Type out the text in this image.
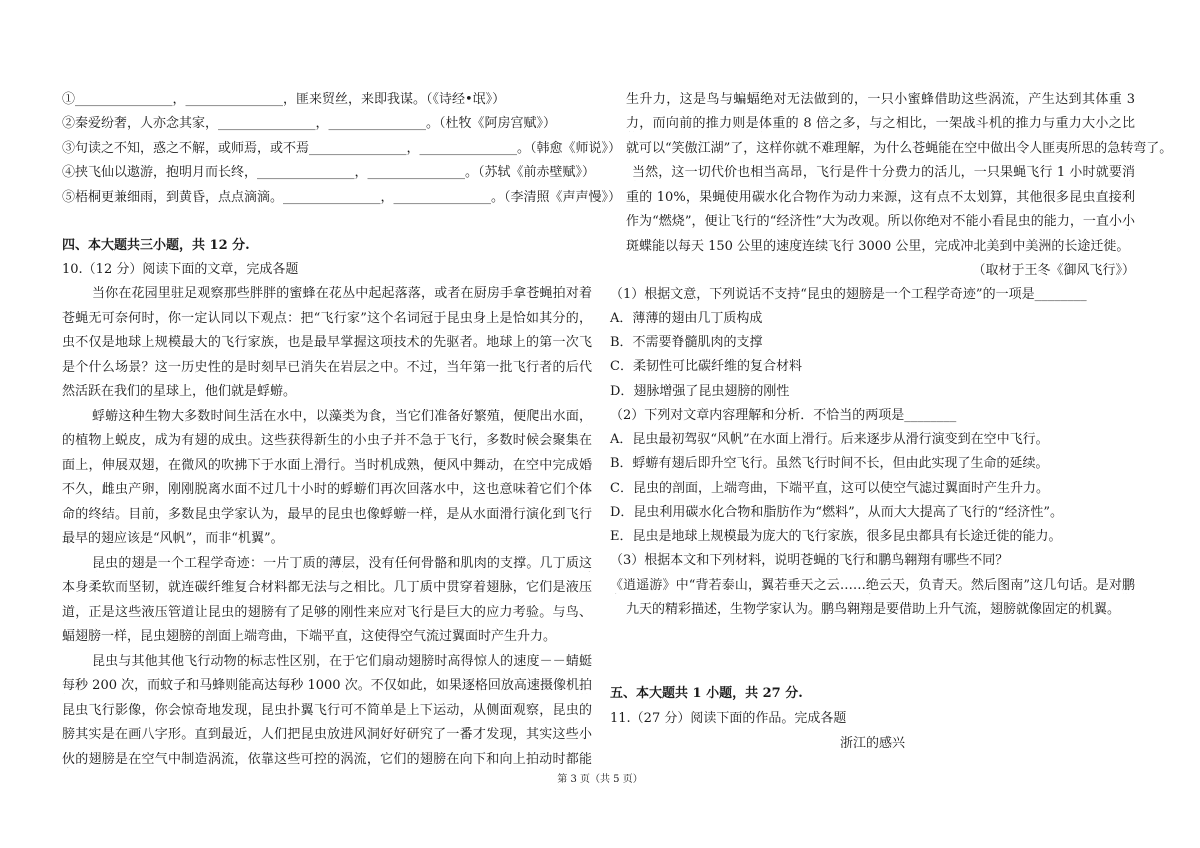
①_______________，_______________，匪来贸丝，来即我谋。（《诗经•氓》）
②秦爱纷奢，人亦念其家，_______________，_______________。（杜牧《阿房宫赋》）
③句读之不知，惑之不解，或师焉，或不焉_______________，_______________。（韩愈《师说》）
④挟飞仙以遨游，抱明月而长终，_______________，_______________。（苏轼《前赤壁赋》）
⑤梧桐更兼细雨，到黄昏，点点滴滴。_______________，_______________。（李清照《声声慢》）
四、本大题共三小题，共 12 分.
10.（12 分）阅读下面的文章，完成各题
当你在花园里驻足观察那些胖胖的蜜蜂在花丛中起起落落，或者在厨房手拿苍蝇拍对着
苍蝇无可奈何时，你一定认同以下观点：把“飞行家”这个名词冠于昆虫身上是恰如其分的，
虫不仅是地球上规模最大的飞行家族，也是最早掌握这项技术的先驱者。地球上的第一次飞
是个什么场景？这一历史性的是时刻早已消失在岩层之中。不过，当年第一批飞行者的后代
然活跃在我们的星球上，他们就是蜉蝣。
蜉蝣这种生物大多数时间生活在水中，以藻类为食，当它们准备好繁殖，便爬出水面，
的植物上蜕皮，成为有翅的成虫。这些获得新生的小虫子并不急于飞行，多数时候会聚集在
面上，伸展双翅，在微风的吹拂下于水面上滑行。当时机成熟，便风中舞动，在空中完成婚
不久，雌虫产卵，刚刚脱离水面不过几十小时的蜉蝣们再次回落水中，这也意味着它们个体
命的终结。目前，多数昆虫学家认为，最早的昆虫也像蜉蝣一样，是从水面滑行演化到飞行
最早的翅应该是“风帆”，而非“机翼”。
昆虫的翅是一个工程学奇迹：一片丁质的薄层，没有任何骨骼和肌肉的支撑。几丁质这
本身柔软而坚韧，就连碳纤维复合材料都无法与之相比。几丁质中贯穿着翅脉，它们是液压
道，正是这些液压管道让昆虫的翅膀有了足够的刚性来应对飞行是巨大的应力考验。与鸟、
蝠翅膀一样，昆虫翅膀的剖面上端弯曲，下端平直，这使得空气流过翼面时产生升力。
昆虫与其他其他飞行动物的标志性区别，在于它们扇动翅膀时高得惊人的速度－－蜻蜓
每秒 200 次，而蚊子和马蜂则能高达每秒 1000 次。不仅如此，如果逐格回放高速摄像机拍
昆虫飞行影像，你会惊奇地发现，昆虫扑翼飞行可不简单是上下运动，从侧面观察，昆虫的
膀其实是在画八字形。直到最近，人们把昆虫放进风洞好好研究了一番才发现，其实这些小
伙的翅膀是在空气中制造涡流，依靠这些可控的涡流，它们的翅膀在向下和向上拍动时都能
生升力，这是鸟与蝙蝠绝对无法做到的，一只小蜜蜂借助这些涡流，产生达到其体重 3
力，而向前的推力则是体重的 8 倍之多，与之相比，一架战斗机的推力与重力大小之比
就可以“笑傲江湖”了，这样你就不难理解，为什么苍蝇能在空中做出令人匪夷所思的急转弯了。
当然，这一切代价也相当高昂，飞行是件十分费力的活儿，一只果蝇飞行 1 小时就要消
重的 10%，果蝇使用碳水化合物作为动力来源，这有点不太划算，其他很多昆虫直接利
作为“燃烧”，便让飞行的“经济性”大为改观。所以你绝对不能小看昆虫的能力，一直小小
斑蝶能以每天 150 公里的速度连续飞行 3000 公里，完成冲北美到中美洲的长途迁徙。
（取材于王冬《御风飞行》）
（1）根据文意，下列说话不支持“昆虫的翅膀是一个工程学奇迹”的一项是________
A．薄薄的翅由几丁质构成
B．不需要脊髓肌肉的支撑
C．柔韧性可比碳纤维的复合材料
D．翅脉增强了昆虫翅膀的刚性
（2）下列对文章内容理解和分析．不恰当的两项是________
A．昆虫最初驾驭“风帆”在水面上滑行。后来逐步从滑行演变到在空中飞行。
B．蜉蝣有翅后即升空飞行。虽然飞行时间不长，但由此实现了生命的延续。
C．昆虫的剖面，上端弯曲，下端平直，这可以使空气滤过翼面时产生升力。
D．昆虫利用碳水化合物和脂肪作为“燃料”，从而大大提高了飞行的“经济性”。
E．昆虫是地球上规模最为庞大的飞行家族，很多昆虫都具有长途迁徙的能力。
（3）根据本文和下列材料，说明苍蝇的飞行和鹏鸟翱翔有哪些不同？
《逍遥游》中“背若泰山，翼若垂天之云……绝云天，负青天。然后图南”这几句话。是对鹏
九天的精彩描述，生物学家认为。鹏鸟翱翔是要借助上升气流，翅膀就像固定的机翼。
五、本大题共 1 小题，共 27 分.
11.（27 分）阅读下面的作品。完成各题
浙江的感兴
第 3 页（共 5 页）
